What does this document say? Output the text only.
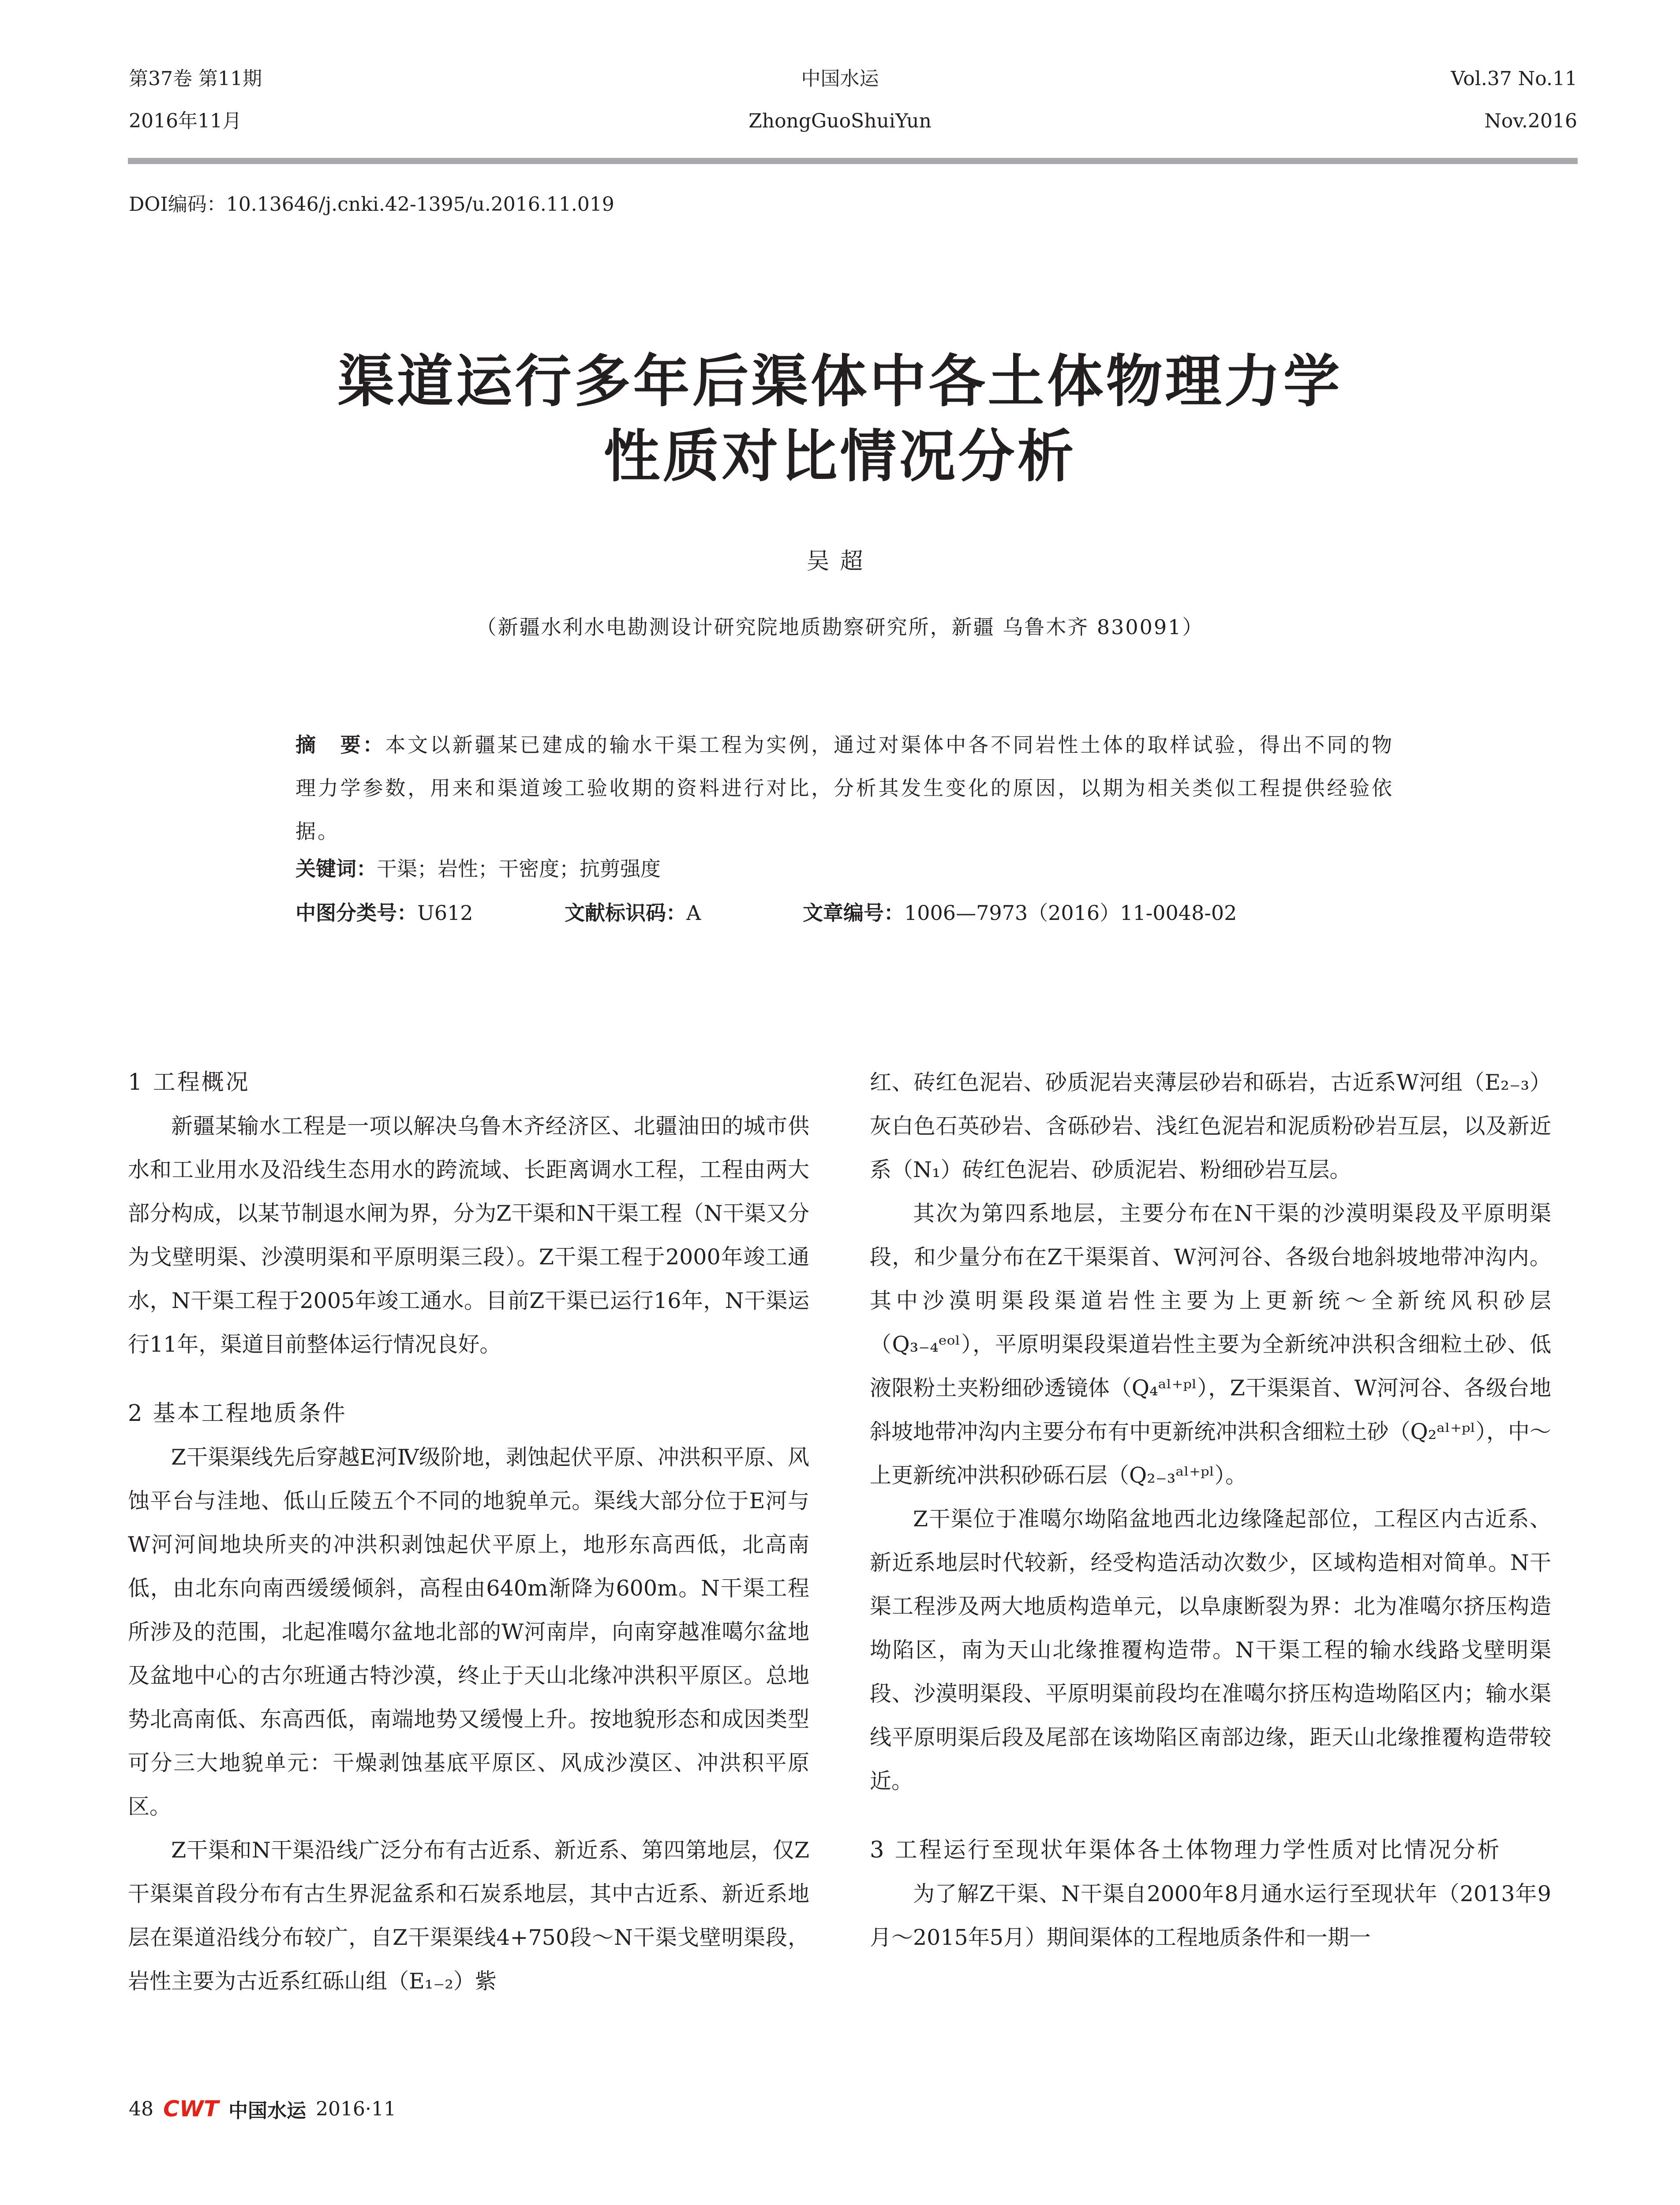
第37卷 第11期
2016年11月
中国水运
ZhongGuoShuiYun
Vol.37 No.11
Nov.2016
DOI编码：10.13646/j.cnki.42-1395/u.2016.11.019
渠道运行多年后渠体中各土体物理力学
性质对比情况分析
吴超
（新疆水利水电勘测设计研究院地质勘察研究所，新疆 乌鲁木齐 830091）
摘　要：本文以新疆某已建成的输水干渠工程为实例，通过对渠体中各不同岩性土体的取样试验，得出不同的物理力学参数，用来和渠道竣工验收期的资料进行对比，分析其发生变化的原因，以期为相关类似工程提供经验依据。
关键词：干渠；岩性；干密度；抗剪强度
中图分类号：U612	文献标识码：A	文章编号：1006—7973（2016）11-0048-02
1 工程概况

新疆某输水工程是一项以解决乌鲁木齐经济区、北疆油田的城市供水和工业用水及沿线生态用水的跨流域、长距离调水工程，工程由两大部分构成，以某节制退水闸为界，分为Z干渠和N干渠工程（N干渠又分为戈壁明渠、沙漠明渠和平原明渠三段）。Z干渠工程于2000年竣工通水，N干渠工程于2005年竣工通水。目前Z干渠已运行16年，N干渠运行11年，渠道目前整体运行情况良好。

2 基本工程地质条件

Z干渠渠线先后穿越E河Ⅳ级阶地，剥蚀起伏平原、冲洪积平原、风蚀平台与洼地、低山丘陵五个不同的地貌单元。渠线大部分位于E河与W河河间地块所夹的冲洪积剥蚀起伏平原上，地形东高西低，北高南低，由北东向南西缓缓倾斜，高程由640m渐降为600m。N干渠工程所涉及的范围，北起准噶尔盆地北部的W河南岸，向南穿越准噶尔盆地及盆地中心的古尔班通古特沙漠，终止于天山北缘冲洪积平原区。总地势北高南低、东高西低，南端地势又缓慢上升。按地貌形态和成因类型可分三大地貌单元：干燥剥蚀基底平原区、风成沙漠区、冲洪积平原区。

Z干渠和N干渠沿线广泛分布有古近系、新近系、第四第地层，仅Z干渠渠首段分布有古生界泥盆系和石炭系地层，其中古近系、新近系地层在渠道沿线分布较广，自Z干渠渠线4+750段～N干渠戈壁明渠段，岩性主要为古近系红砾山组（E₁₋₂）紫

红、砖红色泥岩、砂质泥岩夹薄层砂岩和砾岩，古近系W河组（E₂₋₃）灰白色石英砂岩、含砾砂岩、浅红色泥岩和泥质粉砂岩互层，以及新近系（N₁）砖红色泥岩、砂质泥岩、粉细砂岩互层。

其次为第四系地层，主要分布在N干渠的沙漠明渠段及平原明渠段，和少量分布在Z干渠渠首、W河河谷、各级台地斜坡地带冲沟内。其中沙漠明渠段渠道岩性主要为上更新统～全新统风积砂层（Q₃₋₄ᵉᵒˡ），平原明渠段渠道岩性主要为全新统冲洪积含细粒土砂、低液限粉土夹粉细砂透镜体（Q₄ᵃˡ⁺ᵖˡ），Z干渠渠首、W河河谷、各级台地斜坡地带冲沟内主要分布有中更新统冲洪积含细粒土砂（Q₂ᵃˡ⁺ᵖˡ），中～上更新统冲洪积砂砾石层（Q₂₋₃ᵃˡ⁺ᵖˡ）。

Z干渠位于准噶尔坳陷盆地西北边缘隆起部位，工程区内古近系、新近系地层时代较新，经受构造活动次数少，区域构造相对简单。N干渠工程涉及两大地质构造单元，以阜康断裂为界：北为准噶尔挤压构造坳陷区，南为天山北缘推覆构造带。N干渠工程的输水线路戈壁明渠段、沙漠明渠段、平原明渠前段均在准噶尔挤压构造坳陷区内；输水渠线平原明渠后段及尾部在该坳陷区南部边缘，距天山北缘推覆构造带较近。

3 工程运行至现状年渠体各土体物理力学性质对比情况分析

为了解Z干渠、N干渠自2000年8月通水运行至现状年（2013年9月～2015年5月）期间渠体的工程地质条件和一期一

48 CWT 中国水运 2016·11
